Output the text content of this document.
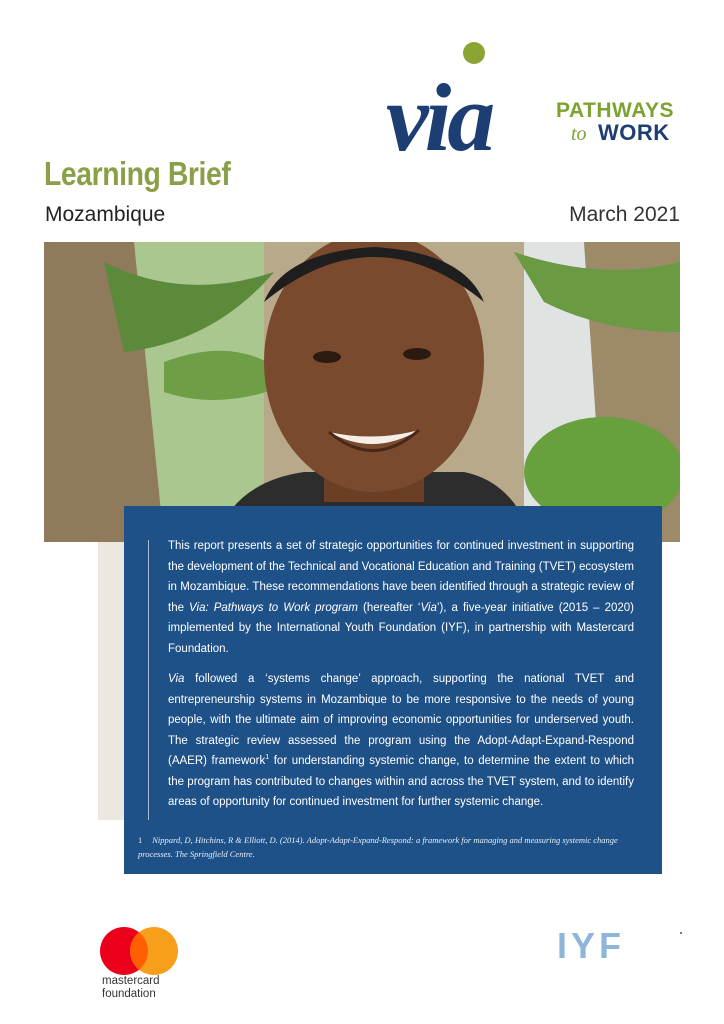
via	PATHWAYS
to WORK
Learning Brief
Mozambique	March 2021

This report presents a set of strategic opportunities for continued investment in supporting the development of the Technical and Vocational Education and Training (TVET) ecosystem in Mozambique. These recommendations have been identified through a strategic review of the Via: Pathways to Work program (hereafter ‘Via’), a five-year initiative (2015 – 2020) implemented by the International Youth Foundation (IYF), in partnership with Mastercard Foundation.

Via followed a ‘systems change’ approach, supporting the national TVET and entrepreneurship systems in Mozambique to be more responsive to the needs of young people, with the ultimate aim of improving economic opportunities for underserved youth. The strategic review assessed the program using the Adopt-Adapt-Expand-Respond (AAER) framework$^1$ for understanding systemic change, to determine the extent to which the program has contributed to changes within and across the TVET system, and to identify areas of opportunity for continued investment for further systemic change.

1 Nippard, D, Hitchins, R & Elliott, D. (2014). Adopt-Adapt-Expand-Respond: a framework for managing and measuring systemic change processes. The Springfield Centre.
mastercard
foundation
IYF
